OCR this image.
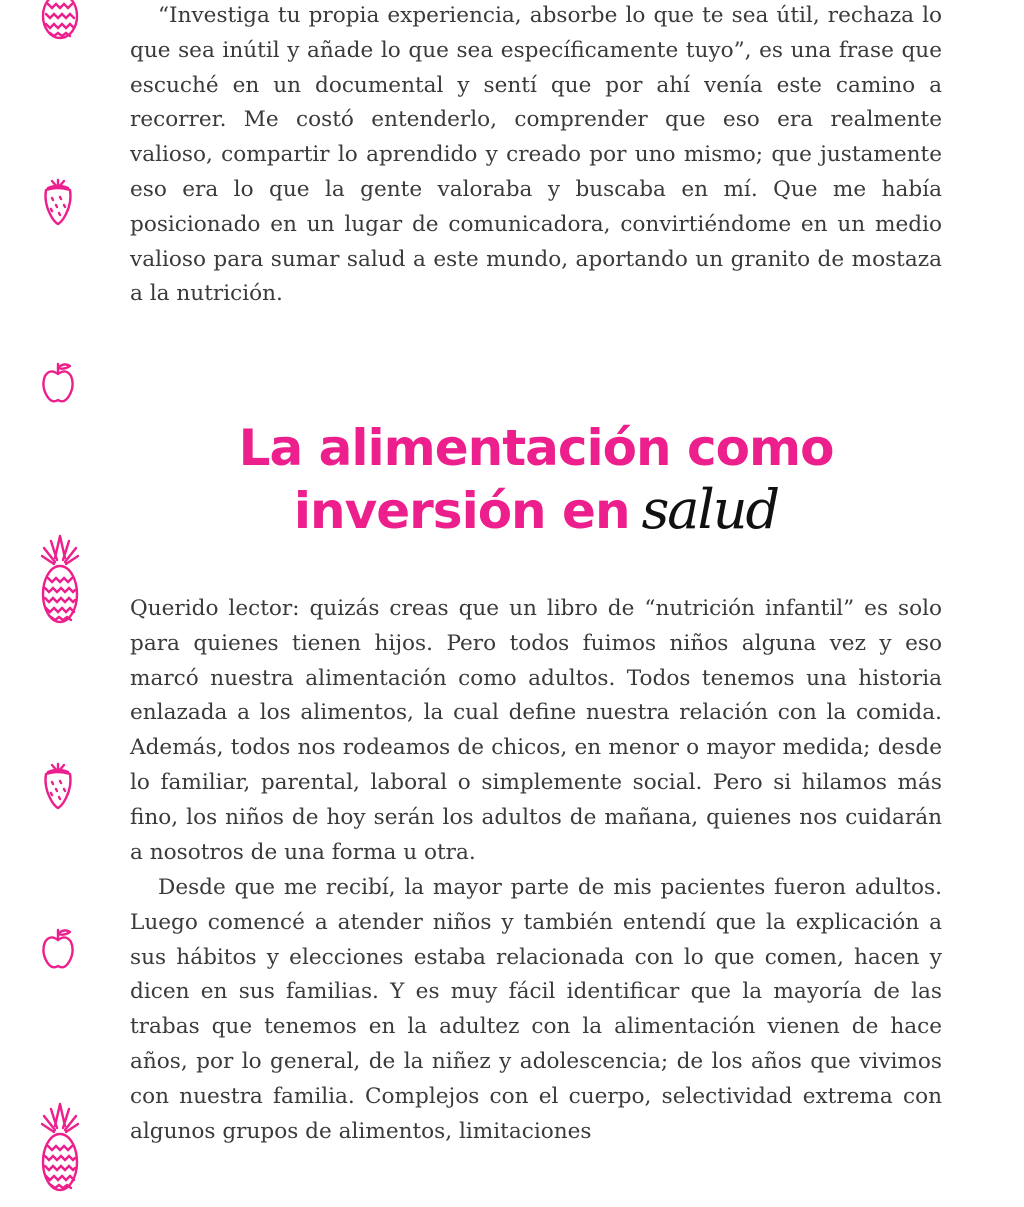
“Investiga tu propia experiencia, absorbe lo que te sea útil, rechaza lo que sea inútil y añade lo que sea específicamente tuyo”, es una frase que escuché en un documental y sentí que por ahí venía este camino a recorrer. Me costó entenderlo, comprender que eso era realmente valioso, compartir lo aprendido y creado por uno mismo; que justamente eso era lo que la gente valoraba y buscaba en mí. Que me había posicionado en un lugar de comunicadora, convirtiéndome en un medio valioso para sumar salud a este mundo, aportando un granito de mostaza a la nutrición.

La alimentación como
inversión en salud

Querido lector: quizás creas que un libro de “nutrición infantil” es solo para quienes tienen hijos. Pero todos fuimos niños alguna vez y eso marcó nuestra alimentación como adultos. Todos tenemos una historia enlazada a los alimentos, la cual define nuestra relación con la comida. Además, todos nos rodeamos de chicos, en menor o mayor medida; desde lo familiar, parental, laboral o simplemente social. Pero si hilamos más fino, los niños de hoy serán los adultos de mañana, quienes nos cuidarán a nosotros de una forma u otra.

Desde que me recibí, la mayor parte de mis pacientes fueron adultos. Luego comencé a atender niños y también entendí que la explicación a sus hábitos y elecciones estaba relacionada con lo que comen, hacen y dicen en sus familias. Y es muy fácil identificar que la mayoría de las trabas que tenemos en la adultez con la alimentación vienen de hace años, por lo general, de la niñez y adolescencia; de los años que vivimos con nuestra familia. Complejos con el cuerpo, selectividad extrema con algunos grupos de alimentos, limitaciones
